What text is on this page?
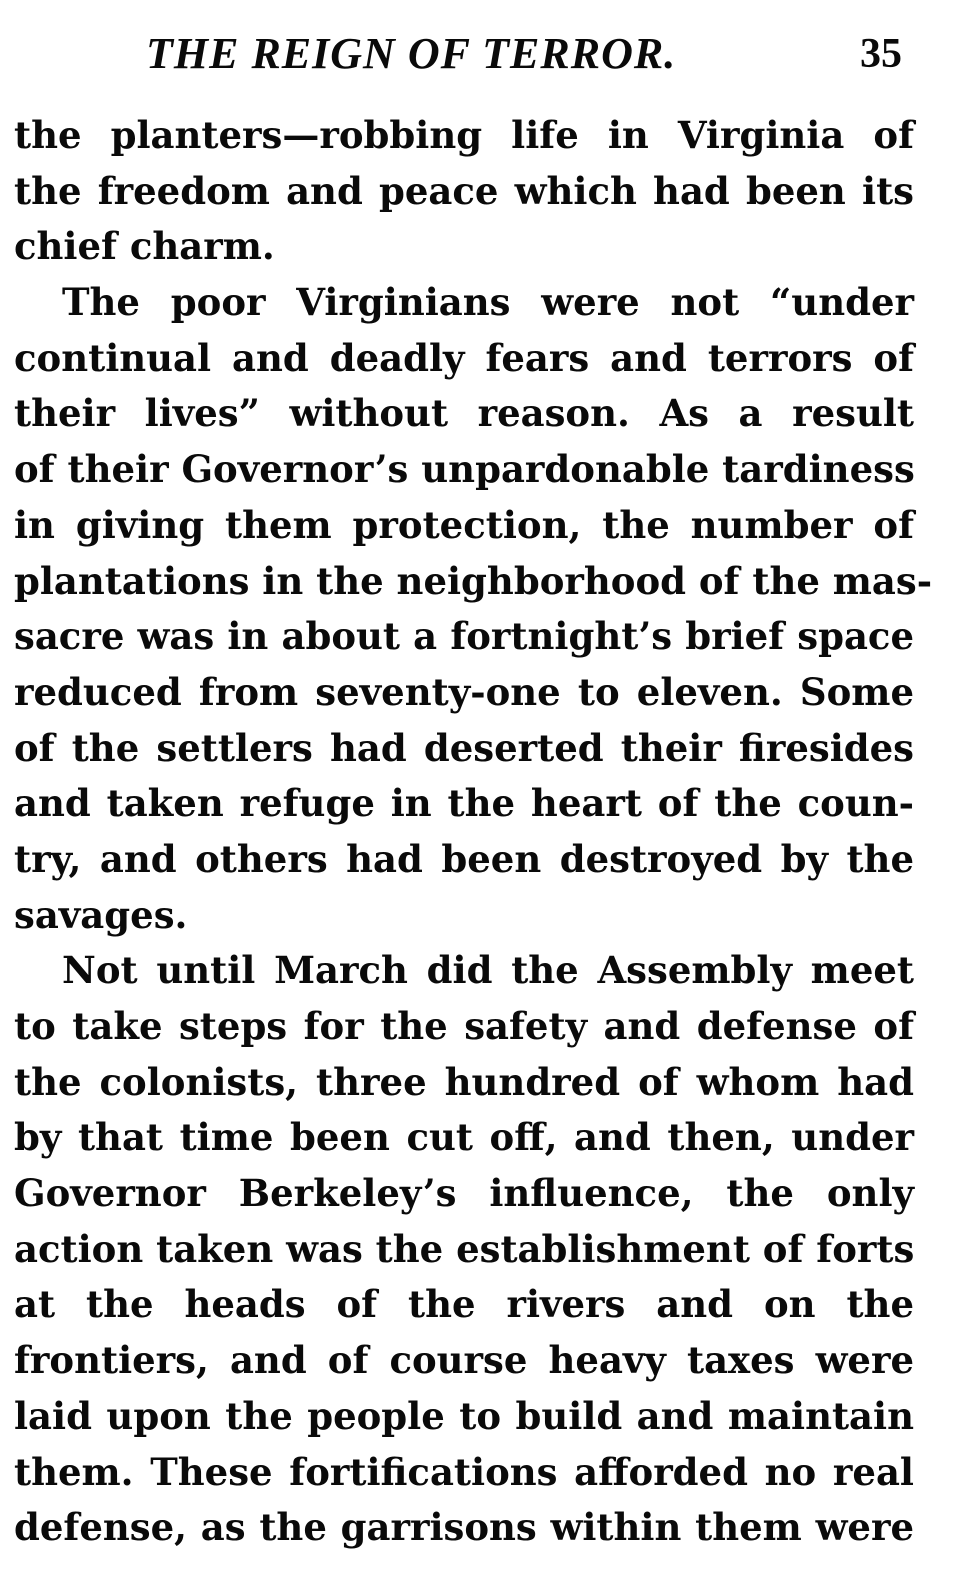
THE REIGN OF TERROR.	35
the planters—robbing life in Virginia of
the freedom and peace which had been its
chief charm.
The poor Virginians were not “under
continual and deadly fears and terrors of
their lives” without reason. As a result
of their Governor’s unpardonable tardiness
in giving them protection, the number of
plantations in the neighborhood of the mas-
sacre was in about a fortnight’s brief space
reduced from seventy-one to eleven. Some
of the settlers had deserted their firesides
and taken refuge in the heart of the coun-
try, and others had been destroyed by the
savages.
Not until March did the Assembly meet
to take steps for the safety and defense of
the colonists, three hundred of whom had
by that time been cut off, and then, under
Governor Berkeley’s influence, the only
action taken was the establishment of forts
at the heads of the rivers and on the
frontiers, and of course heavy taxes were
laid upon the people to build and maintain
them. These fortifications afforded no real
defense, as the garrisons within them were
